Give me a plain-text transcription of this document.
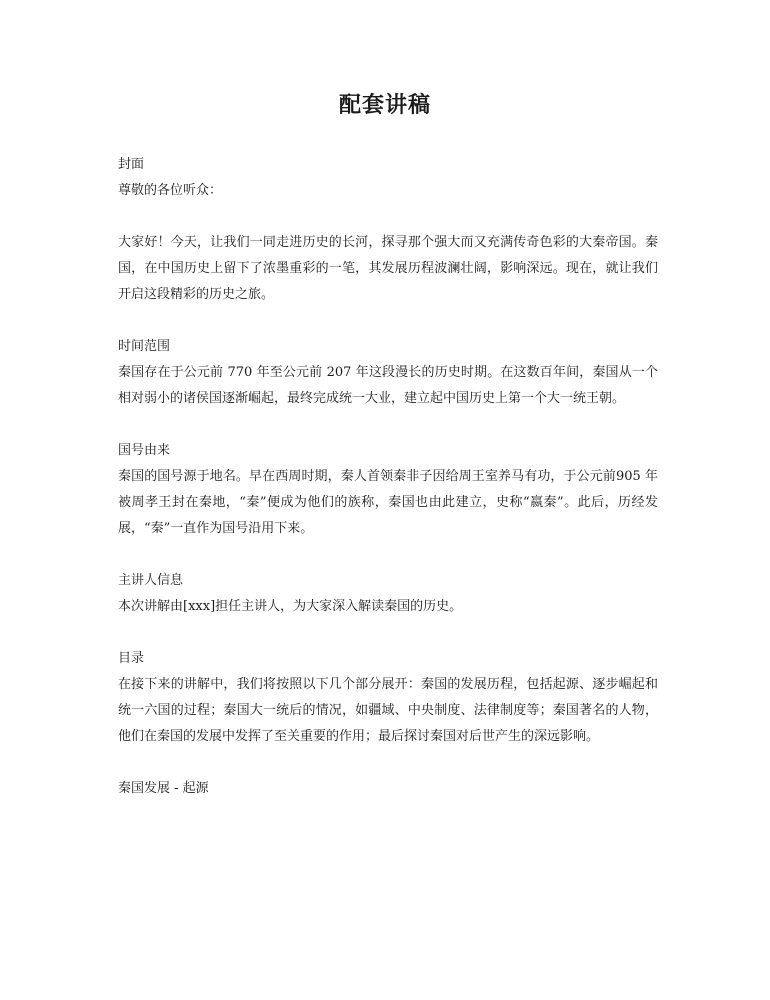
配套讲稿
封面

尊敬的各位听众：

大家好！今天，让我们一同走进历史的长河，探寻那个强大而又充满传奇色彩的大秦帝国。秦国，在中国历史上留下了浓墨重彩的一笔，其发展历程波澜壮阔，影响深远。现在，就让我们开启这段精彩的历史之旅。

时间范围

秦国存在于公元前 770 年至公元前 207 年这段漫长的历史时期。在这数百年间，秦国从一个相对弱小的诸侯国逐渐崛起，最终完成统一大业，建立起中国历史上第一个大一统王朝。

国号由来

秦国的国号源于地名。早在西周时期，秦人首领秦非子因给周王室养马有功，于公元前905 年被周孝王封在秦地，“秦”便成为他们的族称，秦国也由此建立，史称“嬴秦”。此后，历经发展，“秦”一直作为国号沿用下来。

主讲人信息

本次讲解由[xxx]担任主讲人，为大家深入解读秦国的历史。

目录

在接下来的讲解中，我们将按照以下几个部分展开：秦国的发展历程，包括起源、逐步崛起和统一六国的过程；秦国大一统后的情况，如疆域、中央制度、法律制度等；秦国著名的人物，他们在秦国的发展中发挥了至关重要的作用；最后探讨秦国对后世产生的深远影响。

秦国发展 - 起源
